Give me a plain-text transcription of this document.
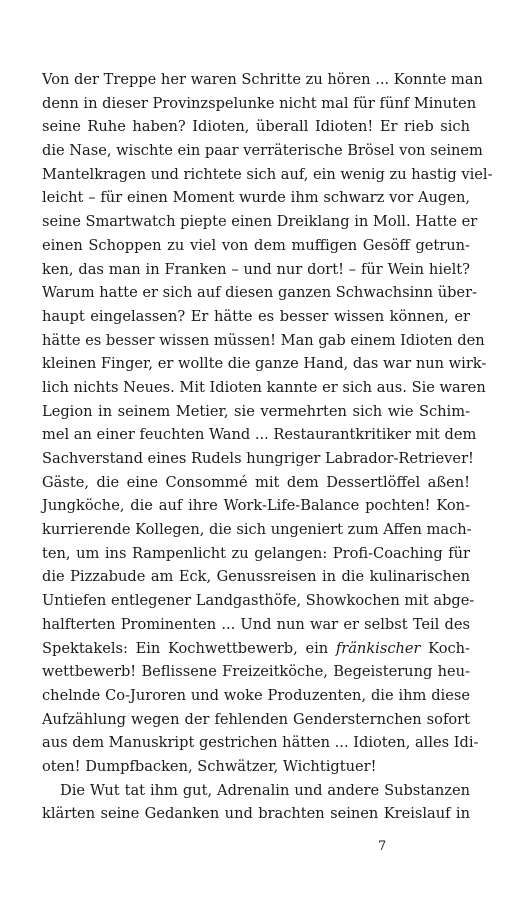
Von der Treppe her waren Schritte zu hören ... Konnte man
denn in dieser Provinzspelunke nicht mal für fünf Minuten
seine Ruhe haben? Idioten, überall Idioten! Er rieb sich
die Nase, wischte ein paar verräterische Brösel von seinem
Mantelkragen und richtete sich auf, ein wenig zu hastig viel-
leicht – für einen Moment wurde ihm schwarz vor Augen,
seine Smartwatch piepte einen Dreiklang in Moll. Hatte er
einen Schoppen zu viel von dem muffigen Gesöff getrun-
ken, das man in Franken – und nur dort! – für Wein hielt?
Warum hatte er sich auf diesen ganzen Schwachsinn über-
haupt eingelassen? Er hätte es besser wissen können, er
hätte es besser wissen müssen! Man gab einem Idioten den
kleinen Finger, er wollte die ganze Hand, das war nun wirk-
lich nichts Neues. Mit Idioten kannte er sich aus. Sie waren
Legion in seinem Metier, sie vermehrten sich wie Schim-
mel an einer feuchten Wand ... Restaurantkritiker mit dem
Sachverstand eines Rudels hungriger Labrador-Retriever!
Gäste, die eine Consommé mit dem Dessertlöffel aßen!
Jungköche, die auf ihre Work-Life-Balance pochten! Kon-
kurrierende Kollegen, die sich ungeniert zum Affen mach-
ten, um ins Rampenlicht zu gelangen: Profi-Coaching für
die Pizzabude am Eck, Genussreisen in die kulinarischen
Untiefen entlegener Landgasthöfe, Showkochen mit abge-
halfterten Prominenten ... Und nun war er selbst Teil des
Spektakels: Ein Kochwettbewerb, ein fränkischer Koch-
wettbewerb! Beflissene Freizeitköche, Begeisterung heu-
chelnde Co-Juroren und woke Produzenten, die ihm diese
Aufzählung wegen der fehlenden Gendersternchen sofort
aus dem Manuskript gestrichen hätten ... Idioten, alles Idi-
oten! Dumpfbacken, Schwätzer, Wichtigtuer!
Die Wut tat ihm gut, Adrenalin und andere Substanzen
klärten seine Gedanken und brachten seinen Kreislauf in
7
